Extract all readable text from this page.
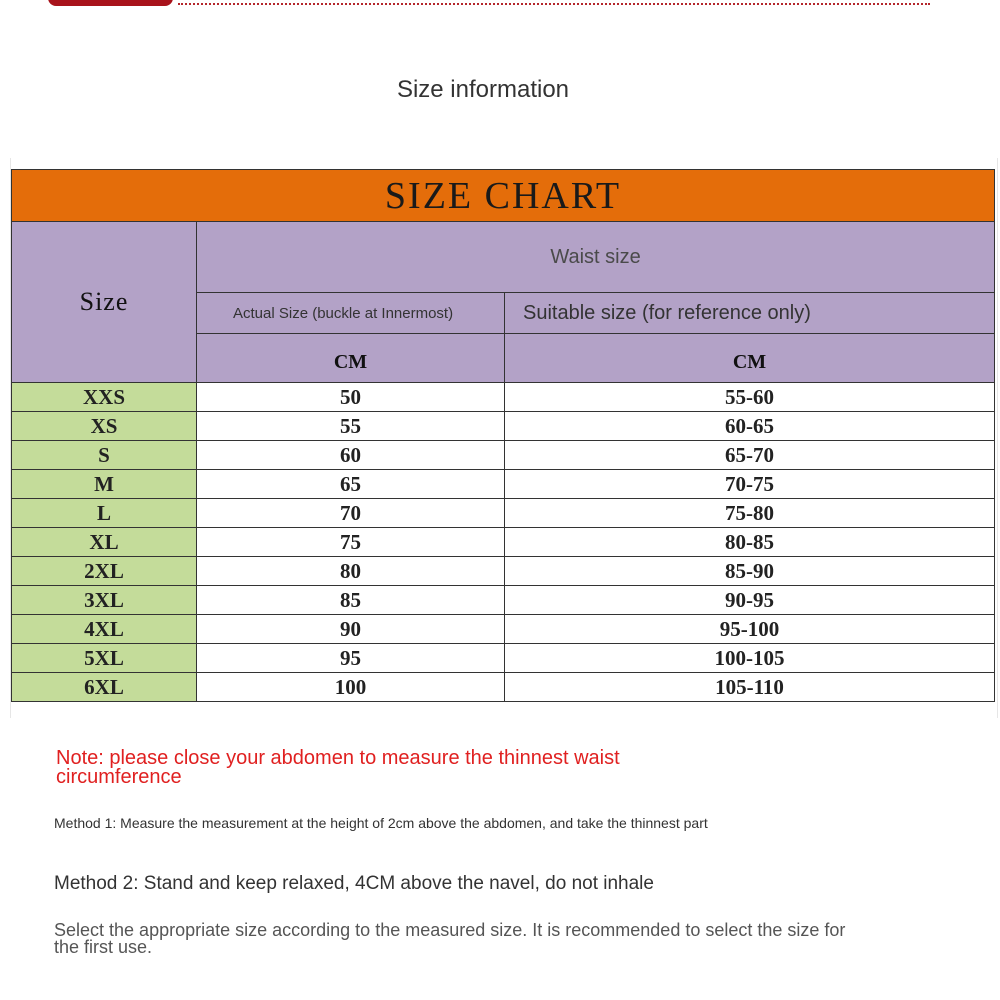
Size information
SIZE CHART		
Size	Waist size	
	Actual Size (buckle at Innermost)	Suitable size (for reference only)
	CM	CM
XXS	50	55-60
XS	55	60-65
S	60	65-70
M	65	70-75
L	70	75-80
XL	75	80-85
2XL	80	85-90
3XL	85	90-95
4XL	90	95-100
5XL	95	100-105
6XL	100	105-110
Note: please close your abdomen to measure the thinnest waist circumference
Method 1: Measure the measurement at the height of 2cm above the abdomen, and take the thinnest part
Method 2: Stand and keep relaxed, 4CM above the navel, do not inhale
Select the appropriate size according to the measured size. It is recommended to select the size for the first use.
